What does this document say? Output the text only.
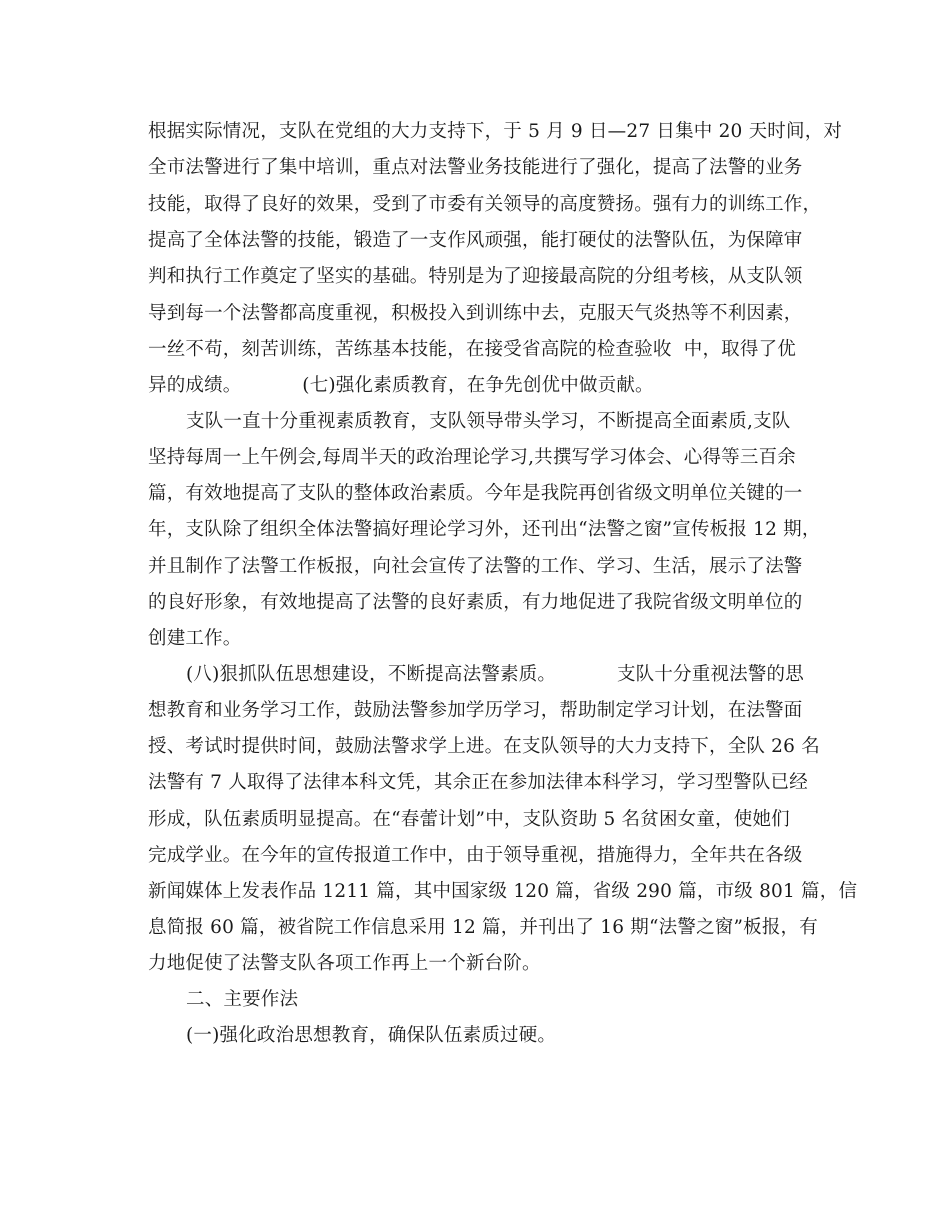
根据实际情况，支队在党组的大力支持下，于 5 月 9 日—27 日集中 20 天时间，对
全市法警进行了集中培训，重点对法警业务技能进行了强化，提高了法警的业务
技能，取得了良好的效果，受到了市委有关领导的高度赞扬。强有力的训练工作，
提高了全体法警的技能，锻造了一支作风顽强，能打硬仗的法警队伍，为保障审
判和执行工作奠定了坚实的基础。特别是为了迎接最高院的分组考核，从支队领
导到每一个法警都高度重视，积极投入到训练中去，克服天气炎热等不利因素，
一丝不苟，刻苦训练，苦练基本技能，在接受省高院的检查验收  中，取得了优
异的成绩。          (七)强化素质教育，在争先创优中做贡献。
支队一直十分重视素质教育，支队领导带头学习，不断提高全面素质,支队
坚持每周一上午例会,每周半天的政治理论学习,共撰写学习体会、心得等三百余
篇，有效地提高了支队的整体政治素质。今年是我院再创省级文明单位关键的一
年，支队除了组织全体法警搞好理论学习外，还刊出“法警之窗”宣传板报 12 期，
并且制作了法警工作板报，向社会宣传了法警的工作、学习、生活，展示了法警
的良好形象，有效地提高了法警的良好素质，有力地促进了我院省级文明单位的
创建工作。
(八)狠抓队伍思想建设，不断提高法警素质。          支队十分重视法警的思
想教育和业务学习工作，鼓励法警参加学历学习，帮助制定学习计划，在法警面
授、考试时提供时间，鼓励法警求学上进。在支队领导的大力支持下，全队 26 名
法警有 7 人取得了法律本科文凭，其余正在参加法律本科学习，学习型警队已经
形成，队伍素质明显提高。在“春蕾计划”中，支队资助 5 名贫困女童，使她们
完成学业。在今年的宣传报道工作中，由于领导重视，措施得力，全年共在各级
新闻媒体上发表作品 1211 篇，其中国家级 120 篇，省级 290 篇，市级 801 篇，信
息简报 60 篇，被省院工作信息采用 12 篇，并刊出了 16 期“法警之窗”板报，有
力地促使了法警支队各项工作再上一个新台阶。
二、主要作法
(一)强化政治思想教育，确保队伍素质过硬。
